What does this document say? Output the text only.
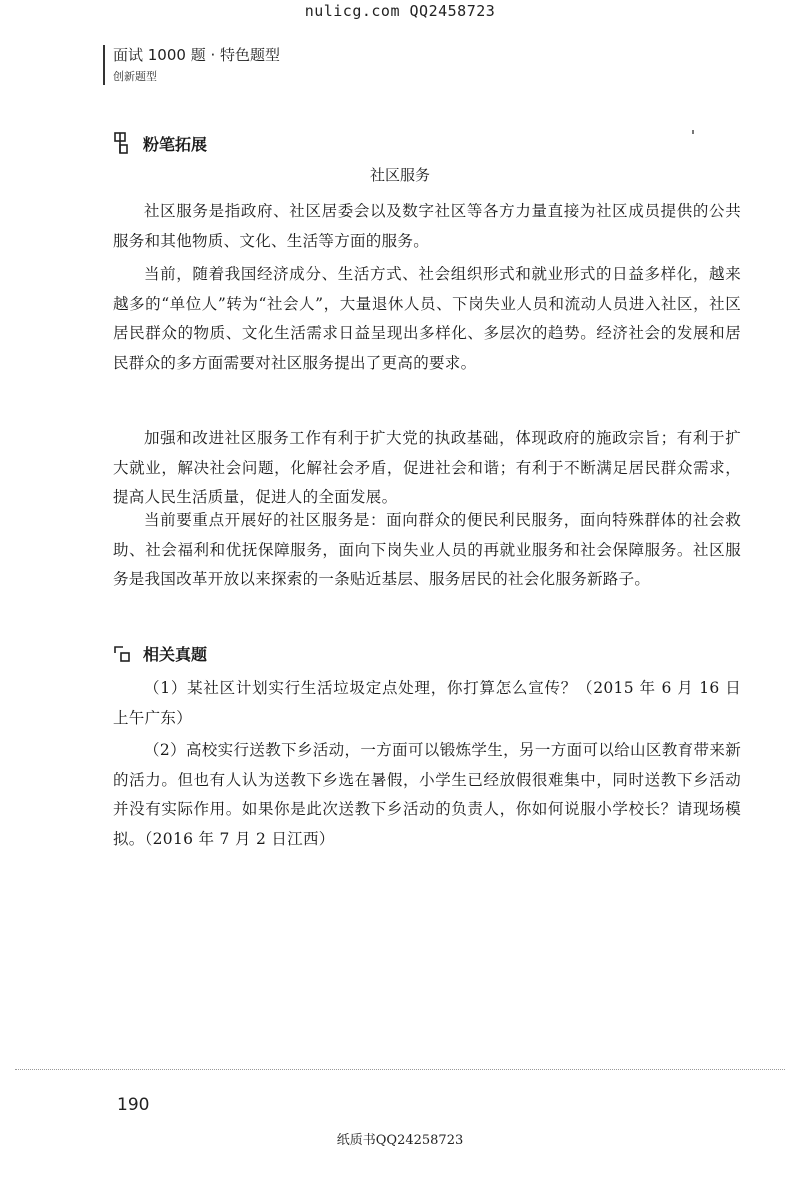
nulicg.com QQ2458723
面试 1000 题 · 特色题型
创新题型
粉笔拓展
社区服务
社区服务是指政府、社区居委会以及数字社区等各方力量直接为社区成员提供的公共服务和其他物质、文化、生活等方面的服务。
当前，随着我国经济成分、生活方式、社会组织形式和就业形式的日益多样化，越来越多的“单位人”转为“社会人”，大量退休人员、下岗失业人员和流动人员进入社区，社区居民群众的物质、文化生活需求日益呈现出多样化、多层次的趋势。经济社会的发展和居民群众的多方面需要对社区服务提出了更高的要求。
加强和改进社区服务工作有利于扩大党的执政基础，体现政府的施政宗旨；有利于扩大就业，解决社会问题，化解社会矛盾，促进社会和谐；有利于不断满足居民群众需求，提高人民生活质量，促进人的全面发展。
当前要重点开展好的社区服务是：面向群众的便民利民服务，面向特殊群体的社会救助、社会福利和优抚保障服务，面向下岗失业人员的再就业服务和社会保障服务。社区服务是我国改革开放以来探索的一条贴近基层、服务居民的社会化服务新路子。
相关真题
（1）某社区计划实行生活垃圾定点处理，你打算怎么宣传？（2015 年 6 月 16 日上午广东）
（2）高校实行送教下乡活动，一方面可以锻炼学生，另一方面可以给山区教育带来新的活力。但也有人认为送教下乡选在暑假，小学生已经放假很难集中，同时送教下乡活动并没有实际作用。如果你是此次送教下乡活动的负责人，你如何说服小学校长？请现场模拟。（2016 年 7 月 2 日江西）
190
纸质书QQ24258723
